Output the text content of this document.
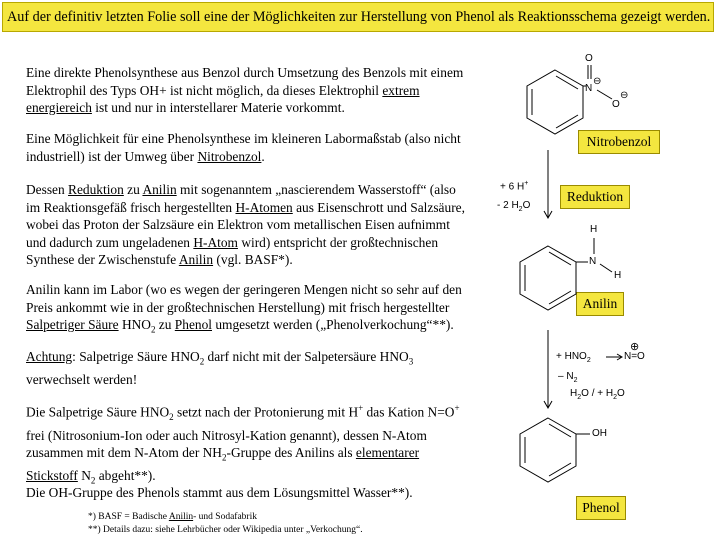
Auf der definitiv letzten Folie soll eine der Möglichkeiten zur Herstellung von Phenol als Reaktionsschema gezeigt werden.
Eine direkte Phenolsynthese aus Benzol durch Umsetzung des Benzols mit einem
Elektrophil des Typs OH+ ist nicht möglich, da dieses Elektrophil extrem
energiereich ist und nur in interstellarer Materie vorkommt.
Eine Möglichkeit für eine Phenolsynthese im kleineren Labormaßstab (also nicht
industriell) ist der Umweg über Nitrobenzol.
Dessen Reduktion zu Anilin mit sogenanntem „nascierendem Wasserstoff“ (also
im Reaktionsgefäß frisch hergestellten H-Atomen aus Eisenschrott und Salzsäure,
wobei das Proton der Salzsäure ein Elektron vom metallischen Eisen aufnimmt
und dadurch zum ungeladenen H-Atom wird) entspricht der großtechnischen
Synthese der Zwischenstufe Anilin (vgl. BASF*).
Anilin kann im Labor (wo es wegen der geringeren Mengen nicht so sehr auf den
Preis ankommt wie in der großtechnischen Herstellung) mit frisch hergestellter
Salpetriger Säure $HNO_2$ zu Phenol umgesetzt werden („Phenolverkochung“**).
Achtung: Salpetrige Säure $HNO_2$ darf nicht mit der Salpetersäure $HNO_3$
verwechselt werden!
Die Salpetrige Säure $HNO_2$ setzt nach der Protonierung mit H+ das Kation N=O+
frei (Nitrosonium-Ion oder auch Nitrosyl-Kation genannt), dessen N-Atom
zusammen mit dem N-Atom der $NH_2$-Gruppe des Anilins als elementarer
Stickstoff $N_2$ abgeht**).
Die OH-Gruppe des Phenols stammt aus dem Lösungsmittel Wasser**).
*) BASF = Badische Anilin- und Sodafabrik
**) Details dazu: siehe Lehrbücher oder Wikipedia unter „Verkochung“.
Nitrobenzol
Reduktion
Anilin
Phenol
O
⊖
N
O
⊖
+ 6 H+
- 2 $H_2O$
H
N
H
+ $HNO_2$
⊕
N=O
– $N_2$
$H_2O$ / + $H_2O$
OH
